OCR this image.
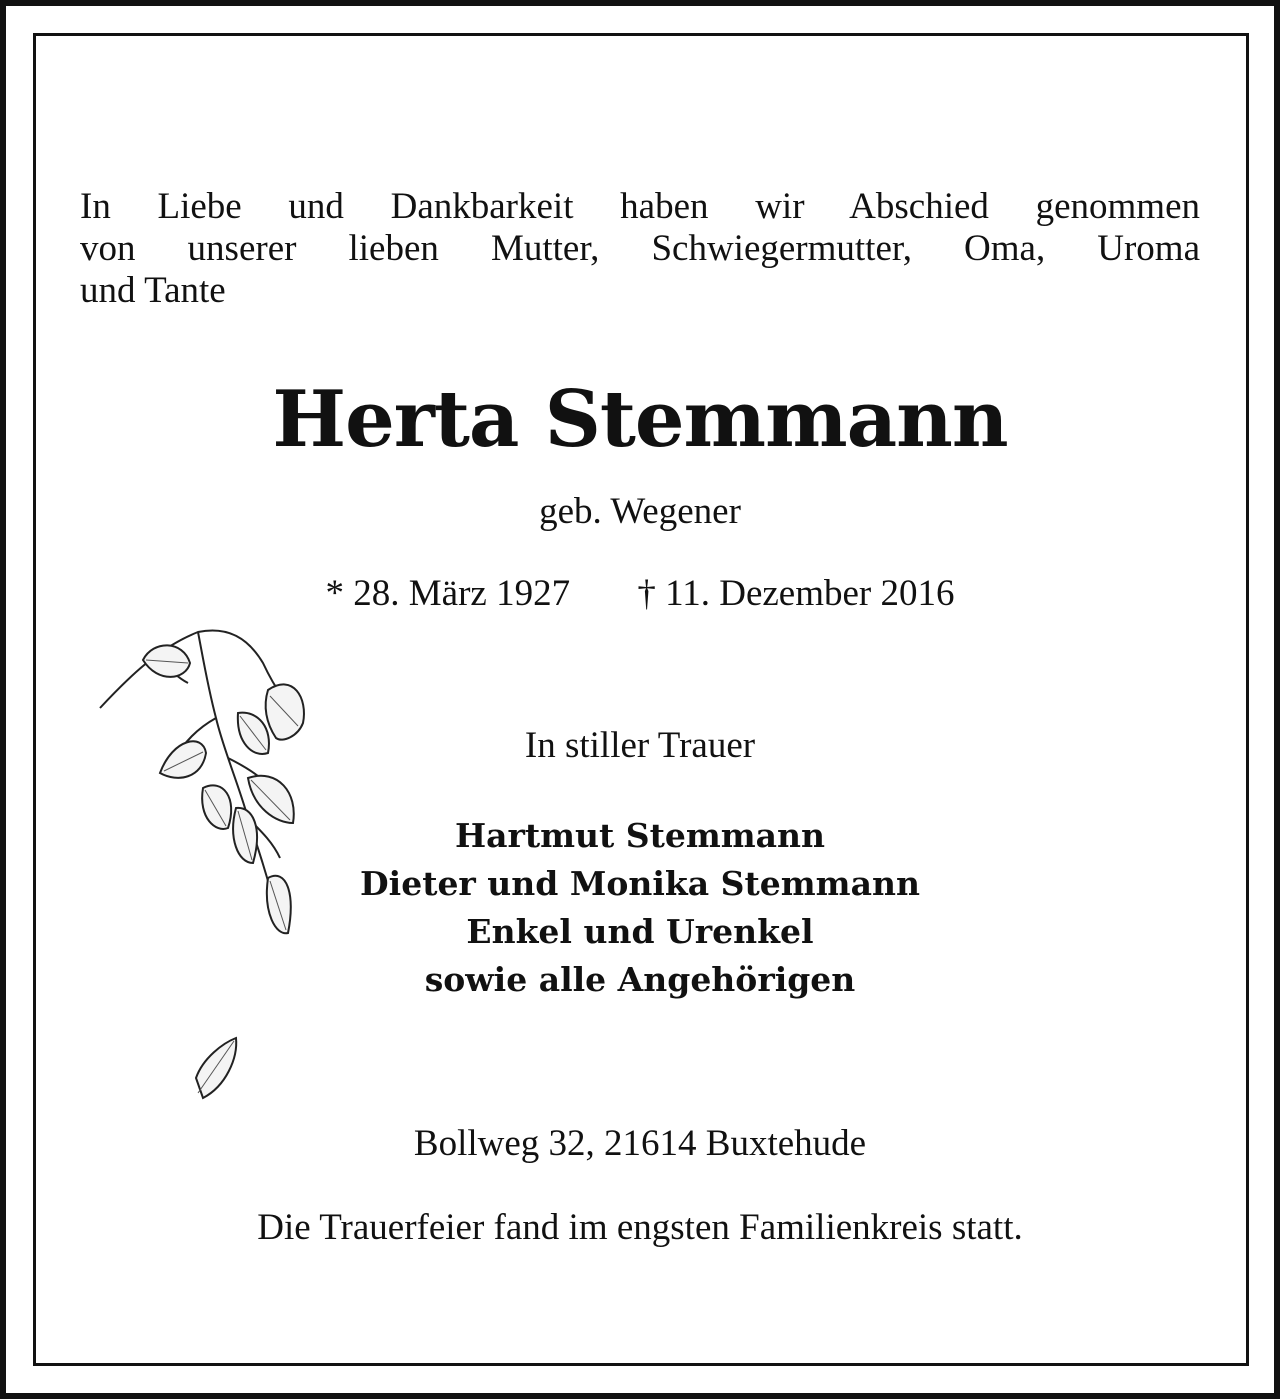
In Liebe und Dankbarkeit haben wir Abschied genommen
von unserer lieben Mutter, Schwiegermutter, Oma, Uroma
und Tante
Herta Stemmann
geb. Wegener
* 28. März 1927 † 11. Dezember 2016
In stiller Trauer
Hartmut Stemmann
Dieter und Monika Stemmann
Enkel und Urenkel
sowie alle Angehörigen
Bollweg 32, 21614 Buxtehude
Die Trauerfeier fand im engsten Familienkreis statt.
